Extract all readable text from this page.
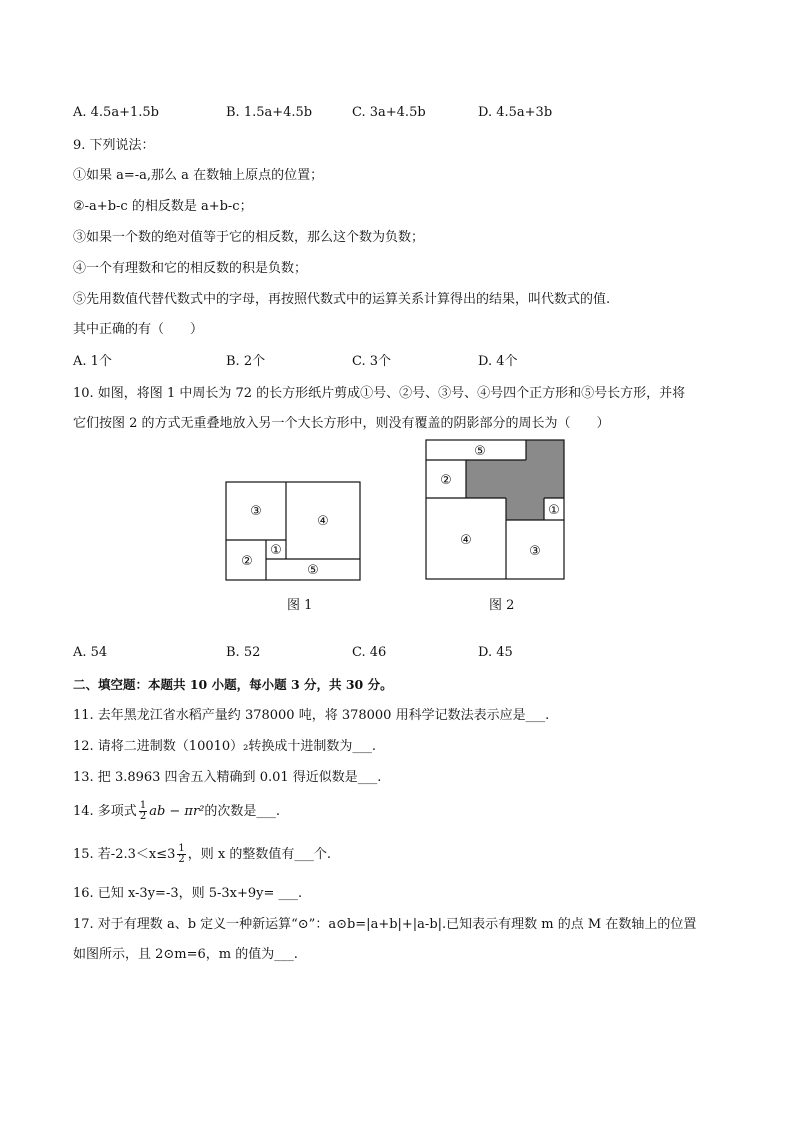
A. 4.5a+1.5b	B. 1.5a+4.5b	C. 3a+4.5b	D. 4.5a+3b
9. 下列说法：
①如果 a=-a,那么 a 在数轴上原点的位置；
②-a+b-c 的相反数是 a+b-c；
③如果一个数的绝对值等于它的相反数，那么这个数为负数；
④一个有理数和它的相反数的积是负数；
⑤先用数值代替代数式中的字母，再按照代数式中的运算关系计算得出的结果，叫代数式的值.
其中正确的有（　　）
A. 1个	B. 2个	C. 3个	D. 4个
10. 如图，将图 1 中周长为 72 的长方形纸片剪成①号、②号、③号、④号四个正方形和⑤号长方形，并将
它们按图 2 的方式无重叠地放入另一个大长方形中，则没有覆盖的阴影部分的周长为（　　）
③
④
②
①
⑤
图 1
⑤
②
①
④
③
图 2
A. 54	B. 52	C. 46	D. 45
二、填空题：本题共 10 小题，每小题 3 分，共 30 分。
11. 去年黑龙江省水稻产量约 378000 吨，将 378000 用科学记数法表示应是___.
12. 请将二进制数（10010）₂转换成十进制数为___.
13. 把 3.8963 四舍五入精确到 0.01 得近似数是___.
14. 多项式 $\frac{1}{2}$ ab − πr²的次数是___.
15. 若$-2.3<x\le 3 \frac{1}{2}$ ，则 x 的整数值有___个.
16. 已知 x-3y=-3，则 5-3x+9y= ___.
17. 对于有理数 a、b 定义一种新运算“⊙”：a⊙b=|a+b|+|a-b|.已知表示有理数 m 的点 M 在数轴上的位置
如图所示，且 2⊙m=6，m 的值为___.
